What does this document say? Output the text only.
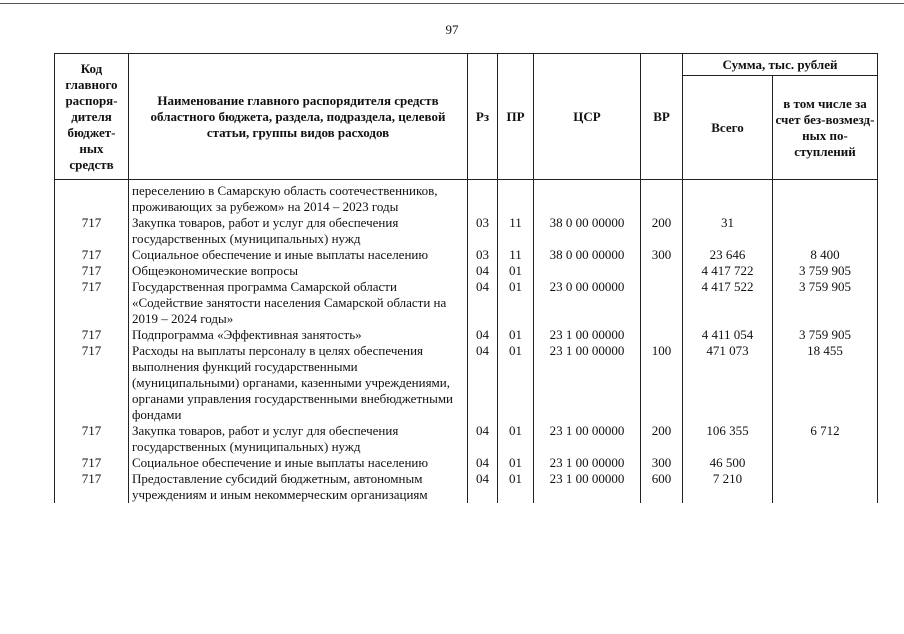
97
Код главного распоря-дителя бюджет-ных средств	Наименование главного распорядителя средств областного бюджета, раздела, подраздела, целевой статьи, группы видов расходов	Рз	ПР	ЦСР	ВР	Сумма, тыс. рублей	
						Всего	в том числе за счет без-возмезд-ных по-ступлений
	переселению в Самарскую область соотечественников, проживающих за рубежом» на 2014 – 2023 годы						
717	Закупка товаров, работ и услуг для обеспечения государственных (муниципальных) нужд	03	11	38 0 00 00000	200	31	
717	Социальное обеспечение и иные выплаты населению	03	11	38 0 00 00000	300	23 646	8 400
717	Общеэкономические вопросы	04	01			4 417 722	3 759 905
717	Государственная программа Самарской области «Содействие занятости населения Самарской области на 2019 – 2024 годы»	04	01	23 0 00 00000		4 417 522	3 759 905
717	Подпрограмма «Эффективная занятость»	04	01	23 1 00 00000		4 411 054	3 759 905
717	Расходы на выплаты персоналу в целях обеспечения выполнения функций государственными (муниципальными) органами, казенными учреждениями, органами управления государственными внебюджетными фондами	04	01	23 1 00 00000	100	471 073	18 455
717	Закупка товаров, работ и услуг для обеспечения государственных (муниципальных) нужд	04	01	23 1 00 00000	200	106 355	6 712
717	Социальное обеспечение и иные выплаты населению	04	01	23 1 00 00000	300	46 500	
717	Предоставление субсидий бюджетным, автономным учреждениям и иным некоммерческим организациям	04	01	23 1 00 00000	600	7 210	
